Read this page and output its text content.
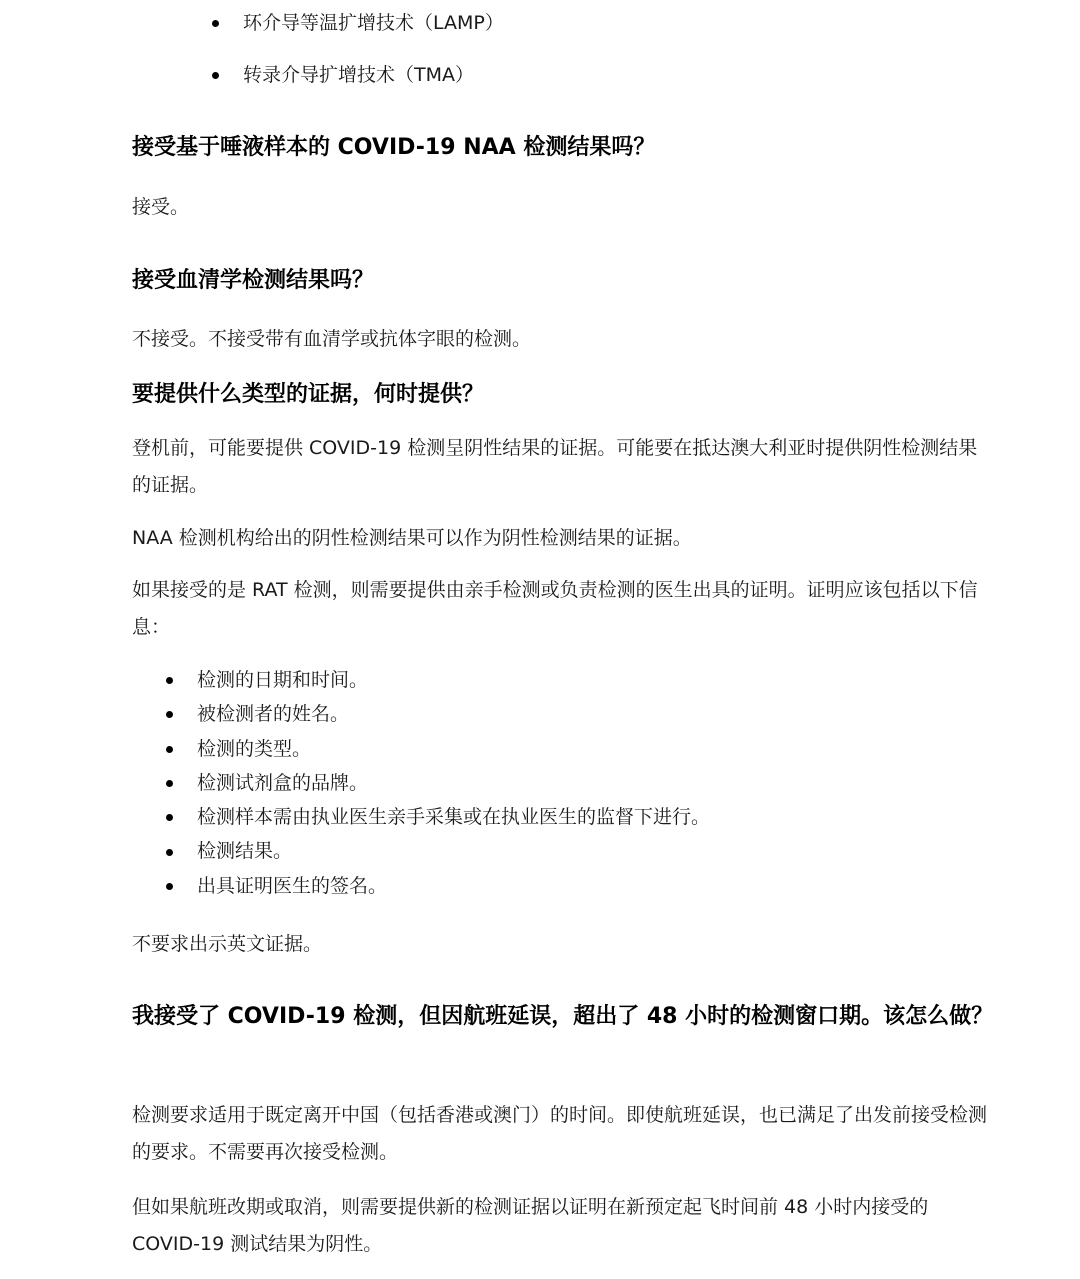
环介导等温扩增技术（LAMP）
转录介导扩增技术（TMA）
接受基于唾液样本的 COVID-19 NAA 检测结果吗？
接受。
接受血清学检测结果吗？
不接受。不接受带有血清学或抗体字眼的检测。
要提供什么类型的证据，何时提供？
登机前，可能要提供 COVID-19 检测呈阴性结果的证据。可能要在抵达澳大利亚时提供阴性检测结果的证据。
NAA 检测机构给出的阴性检测结果可以作为阴性检测结果的证据。
如果接受的是 RAT 检测，则需要提供由亲手检测或负责检测的医生出具的证明。证明应该包括以下信息：
检测的日期和时间。
被检测者的姓名。
检测的类型。
检测试剂盒的品牌。
检测样本需由执业医生亲手采集或在执业医生的监督下进行。
检测结果。
出具证明医生的签名。
不要求出示英文证据。
我接受了 COVID-19 检测，但因航班延误，超出了 48 小时的检测窗口期。该怎么做？
检测要求适用于既定离开中国（包括香港或澳门）的时间。即使航班延误，也已满足了出发前接受检测的要求。不需要再次接受检测。
但如果航班改期或取消，则需要提供新的检测证据以证明在新预定起飞时间前 48 小时内接受的 COVID-19 测试结果为阴性。
